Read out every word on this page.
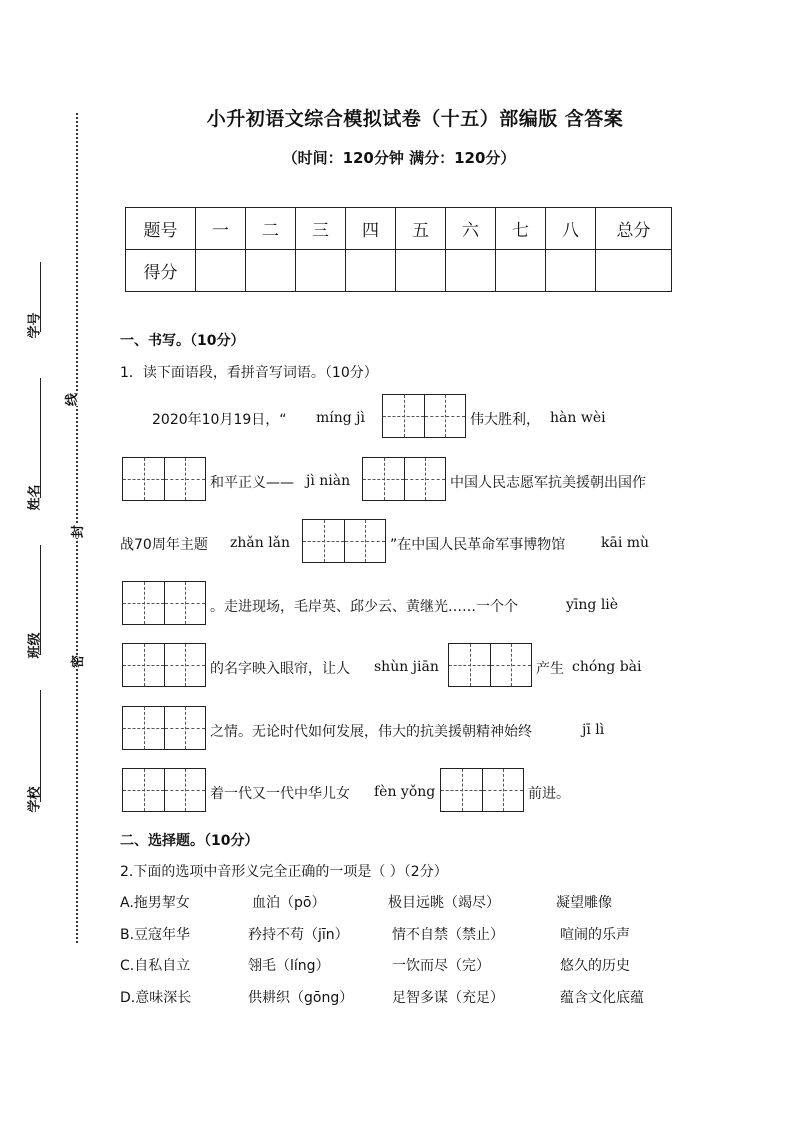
线
封
密
学号
姓名
班级
学校
小升初语文综合模拟试卷（十五）部编版 含答案
（时间：120分钟 满分：120分）
题号	一	二	三	四	五	六	七	八	总分
得分									
一、书写。（10分）
1．读下面语段，看拼音写词语。（10分）
2020年10月19日，“ míng jì	伟大胜利， hàn wèi
和平正义—— jì niàn	中国人民志愿军抗美援朝出国作
战70周年主题 zhǎn lǎn	”在中国人民革命军事博物馆	kāi mù
。走进现场，毛岸英、邱少云、黄继光……一个个	yīng liè
的名字映入眼帘，让人 shùn jiān	产生 chóng bài
之情。无论时代如何发展，伟大的抗美援朝精神始终	jī lì
着一代又一代中华儿女 fèn yǒng	前进。
二、选择题。（10分）
2.下面的选项中音形义完全正确的一项是（ ）（2分）
A.拖男挈女	血泊（pō）	极目远眺（竭尽）	凝望雕像
B.豆寇年华	矜持不苟（jīn）	情不自禁（禁止）	喧闹的乐声
C.自私自立	翎毛（líng）	一饮而尽（完）	悠久的历史
D.意味深长	供耕织（gōng）	足智多谋（充足）	蕴含文化底蕴
